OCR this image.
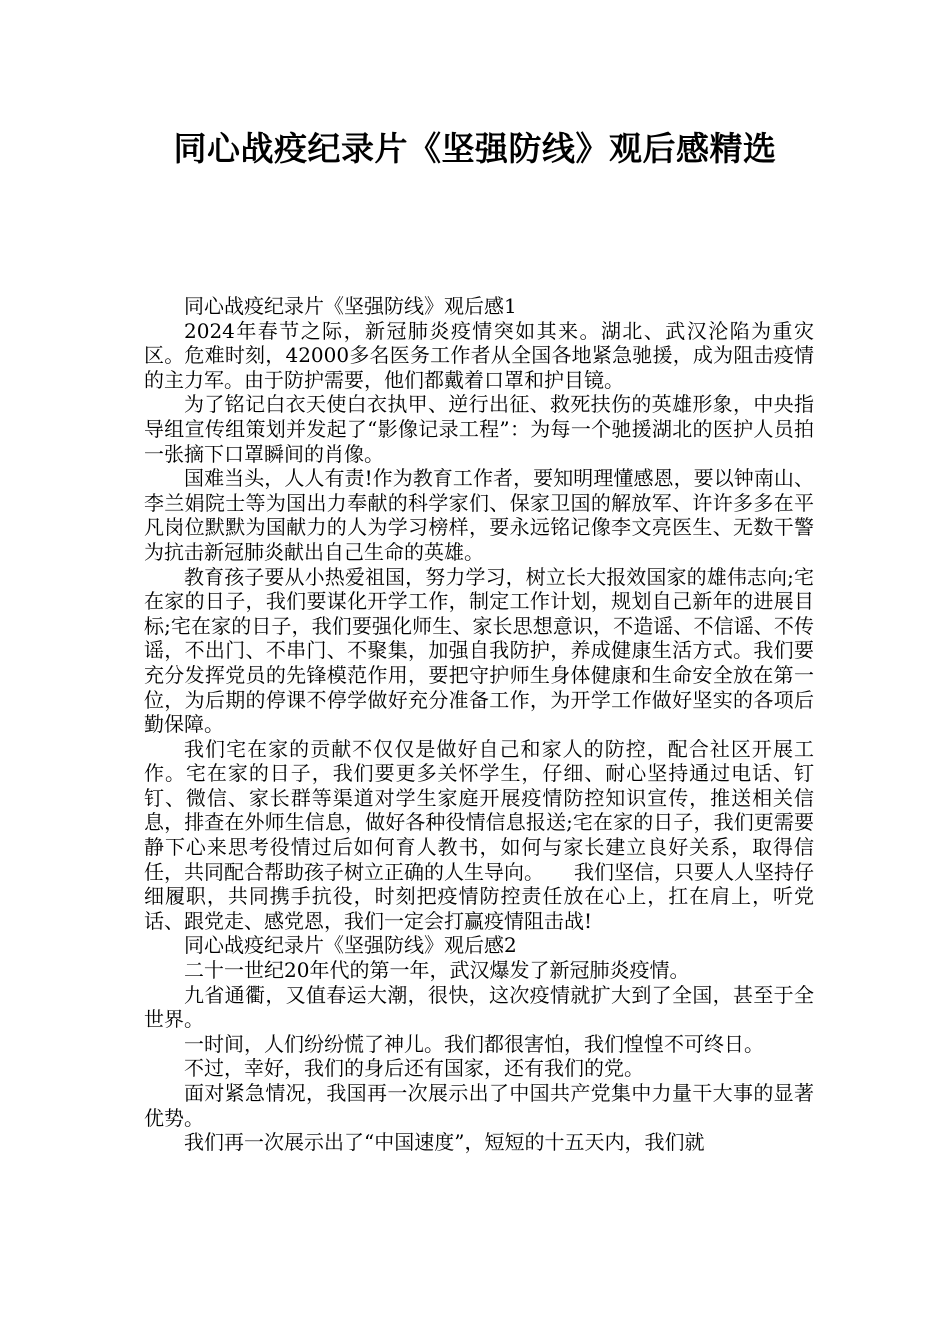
同心战疫纪录片《坚强防线》观后感精选

同心战疫纪录片《坚强防线》观后感1

2024年春节之际，新冠肺炎疫情突如其来。湖北、武汉沦陷为重灾区。危难时刻，42000多名医务工作者从全国各地紧急驰援，成为阻击疫情的主力军。由于防护需要，他们都戴着口罩和护目镜。

为了铭记白衣天使白衣执甲、逆行出征、救死扶伤的英雄形象，中央指导组宣传组策划并发起了“影像记录工程”：为每一个驰援湖北的医护人员拍一张摘下口罩瞬间的肖像。

国难当头，人人有责!作为教育工作者，要知明理懂感恩，要以钟南山、李兰娟院士等为国出力奉献的科学家们、保家卫国的解放军、许许多多在平凡岗位默默为国献力的人为学习榜样，要永远铭记像李文亮医生、无数干警为抗击新冠肺炎献出自己生命的英雄。

教育孩子要从小热爱祖国，努力学习，树立长大报效国家的雄伟志向;宅在家的日子，我们要谋化开学工作，制定工作计划，规划自己新年的进展目标;宅在家的日子，我们要强化师生、家长思想意识，不造谣、不信谣、不传谣，不出门、不串门、不聚集，加强自我防护，养成健康生活方式。我们要充分发挥党员的先锋模范作用，要把守护师生身体健康和生命安全放在第一位，为后期的停课不停学做好充分准备工作，为开学工作做好坚实的各项后勤保障。

我们宅在家的贡献不仅仅是做好自己和家人的防控，配合社区开展工作。宅在家的日子，我们要更多关怀学生，仔细、耐心坚持通过电话、钉钉、微信、家长群等渠道对学生家庭开展疫情防控知识宣传，推送相关信息，排查在外师生信息，做好各种役情信息报送;宅在家的日子，我们更需要静下心来思考役情过后如何育人教书，如何与家长建立良好关系，取得信任，共同配合帮助孩子树立正确的人生导向。　　我们坚信，只要人人坚持仔细履职，共同携手抗役，时刻把疫情防控责任放在心上，扛在肩上，听党话、跟党走、感党恩，我们一定会打赢疫情阻击战!

同心战疫纪录片《坚强防线》观后感2

二十一世纪20年代的第一年，武汉爆发了新冠肺炎疫情。

九省通衢，又值春运大潮，很快，这次疫情就扩大到了全国，甚至于全世界。

一时间，人们纷纷慌了神儿。我们都很害怕，我们惶惶不可终日。

不过，幸好，我们的身后还有国家，还有我们的党。

面对紧急情况，我国再一次展示出了中国共产党集中力量干大事的显著优势。

我们再一次展示出了“中国速度”，短短的十五天内，我们就
